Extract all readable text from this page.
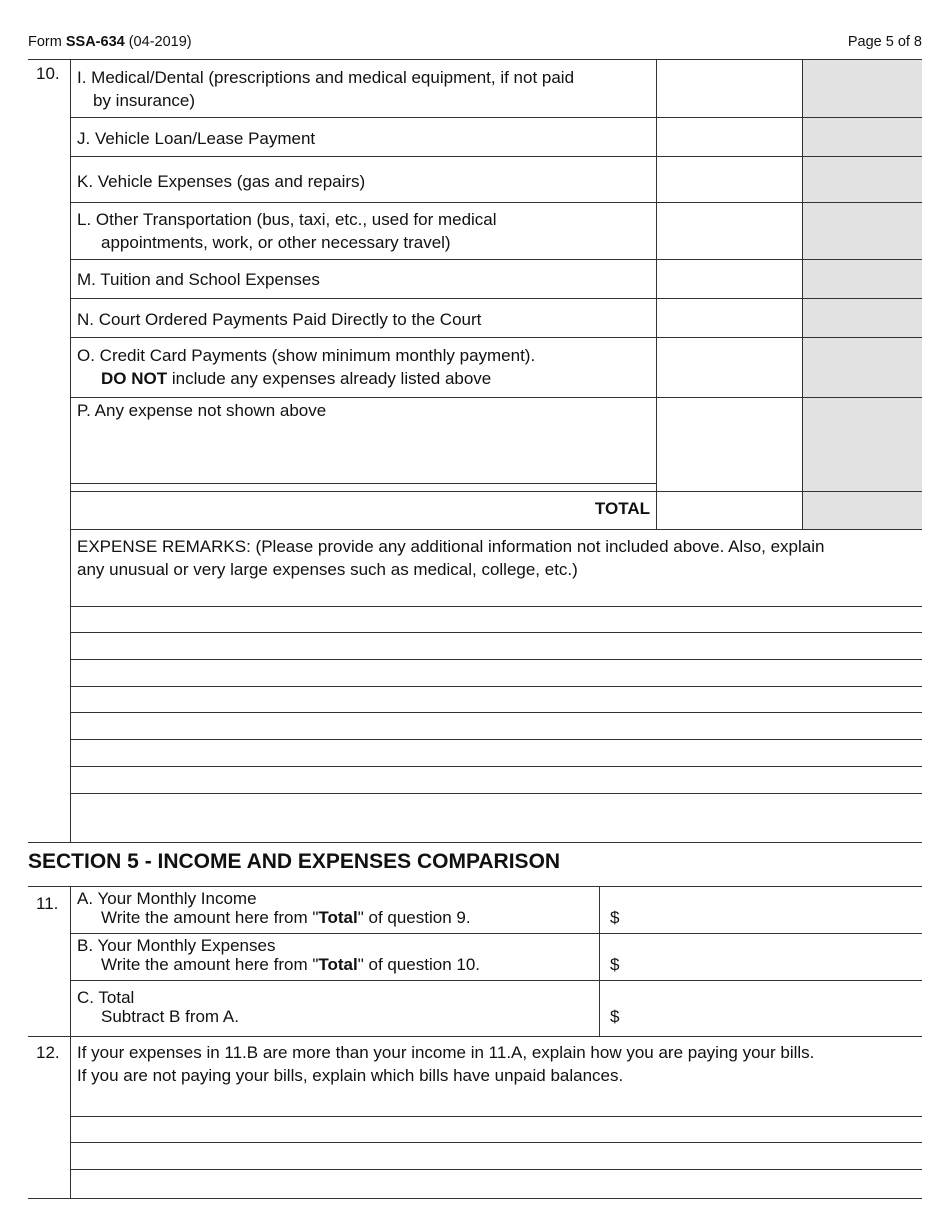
Form SSA-634 (04-2019)	Page 5 of 8
10. I. Medical/Dental (prescriptions and medical equipment, if not paid
by insurance)
J. Vehicle Loan/Lease Payment
K. Vehicle Expenses (gas and repairs)
L. Other Transportation (bus, taxi, etc., used for medical
appointments, work, or other necessary travel)
M. Tuition and School Expenses
N. Court Ordered Payments Paid Directly to the Court
O. Credit Card Payments (show minimum monthly payment).
DO NOT include any expenses already listed above
P. Any expense not shown above
TOTAL
EXPENSE REMARKS: (Please provide any additional information not included above. Also, explain
any unusual or very large expenses such as medical, college, etc.)
SECTION 5 - INCOME AND EXPENSES COMPARISON
11. A. Your Monthly Income
Write the amount here from "Total" of question 9.	$
B. Your Monthly Expenses
Write the amount here from "Total" of question 10.	$
C. Total
Subtract B from A.	$
12. If your expenses in 11.B are more than your income in 11.A, explain how you are paying your bills.
If you are not paying your bills, explain which bills have unpaid balances.
